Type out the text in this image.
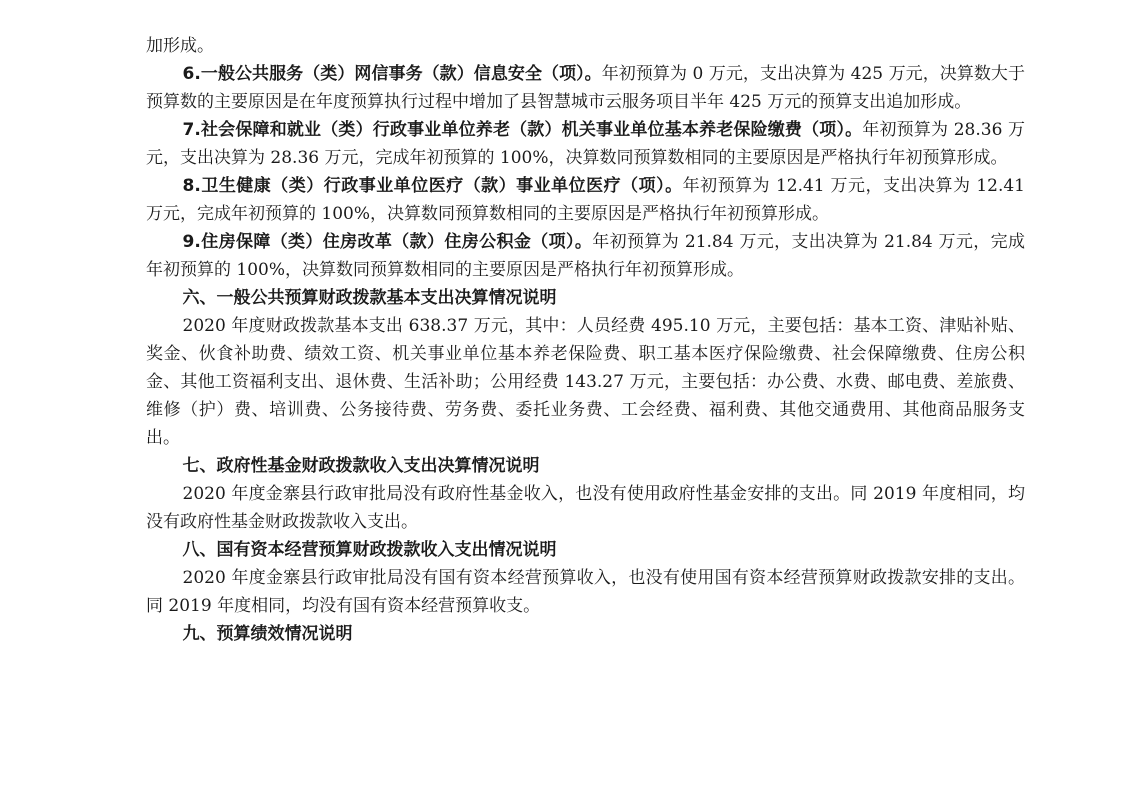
加形成。

6.一般公共服务（类）网信事务（款）信息安全（项）。年初预算为 0 万元，支出决算为 425 万元，决算数大于预算数的主要原因是在年度预算执行过程中增加了县智慧城市云服务项目半年 425 万元的预算支出追加形成。

7.社会保障和就业（类）行政事业单位养老（款）机关事业单位基本养老保险缴费（项）。年初预算为 28.36 万元，支出决算为 28.36 万元，完成年初预算的 100%，决算数同预算数相同的主要原因是严格执行年初预算形成。

8.卫生健康（类）行政事业单位医疗（款）事业单位医疗（项）。年初预算为 12.41 万元，支出决算为 12.41 万元，完成年初预算的 100%，决算数同预算数相同的主要原因是严格执行年初预算形成。

9.住房保障（类）住房改革（款）住房公积金（项）。年初预算为 21.84 万元，支出决算为 21.84 万元，完成年初预算的 100%，决算数同预算数相同的主要原因是严格执行年初预算形成。

六、一般公共预算财政拨款基本支出决算情况说明

2020 年度财政拨款基本支出 638.37 万元，其中：人员经费 495.10 万元，主要包括：基本工资、津贴补贴、奖金、伙食补助费、绩效工资、机关事业单位基本养老保险费、职工基本医疗保险缴费、社会保障缴费、住房公积金、其他工资福利支出、退休费、生活补助；公用经费 143.27 万元，主要包括：办公费、水费、邮电费、差旅费、维修（护）费、培训费、公务接待费、劳务费、委托业务费、工会经费、福利费、其他交通费用、其他商品服务支出。

七、政府性基金财政拨款收入支出决算情况说明

2020 年度金寨县行政审批局没有政府性基金收入，也没有使用政府性基金安排的支出。同 2019 年度相同，均没有政府性基金财政拨款收入支出。

八、国有资本经营预算财政拨款收入支出情况说明

2020 年度金寨县行政审批局没有国有资本经营预算收入，也没有使用国有资本经营预算财政拨款安排的支出。同 2019 年度相同，均没有国有资本经营预算收支。

九、预算绩效情况说明
